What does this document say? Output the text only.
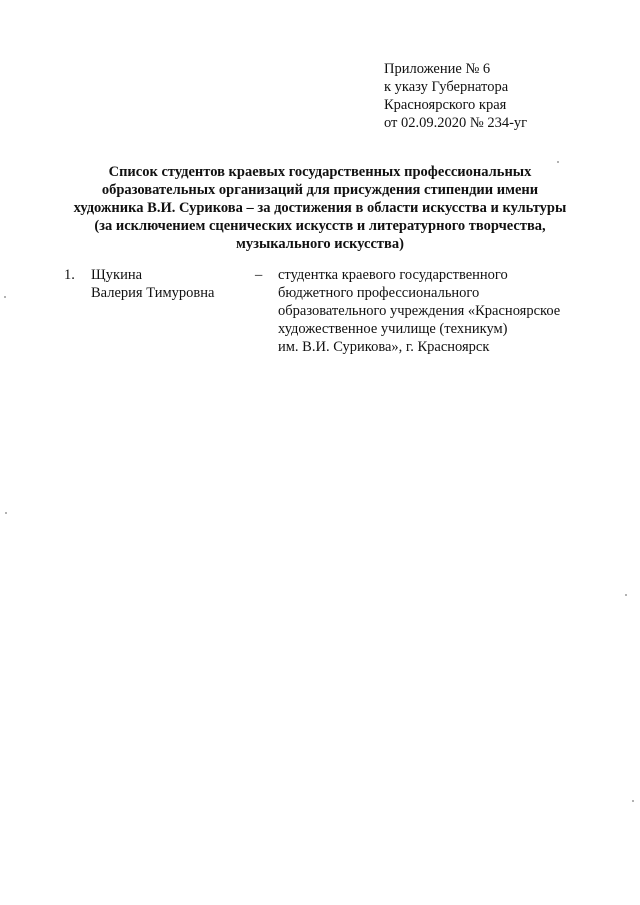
Приложение № 6
к указу Губернатора
Красноярского края
от 02.09.2020 № 234-уг
Список студентов краевых государственных профессиональных
образовательных организаций для присуждения стипендии имени
художника В.И. Сурикова – за достижения в области искусства и культуры
(за исключением сценических искусств и литературного творчества,
музыкального искусства)
1. Щукина
Валерия Тимуровна
– студентка краевого государственного
бюджетного профессионального
образовательного учреждения «Красноярское
художественное училище (техникум)
им. В.И. Сурикова», г. Красноярск
